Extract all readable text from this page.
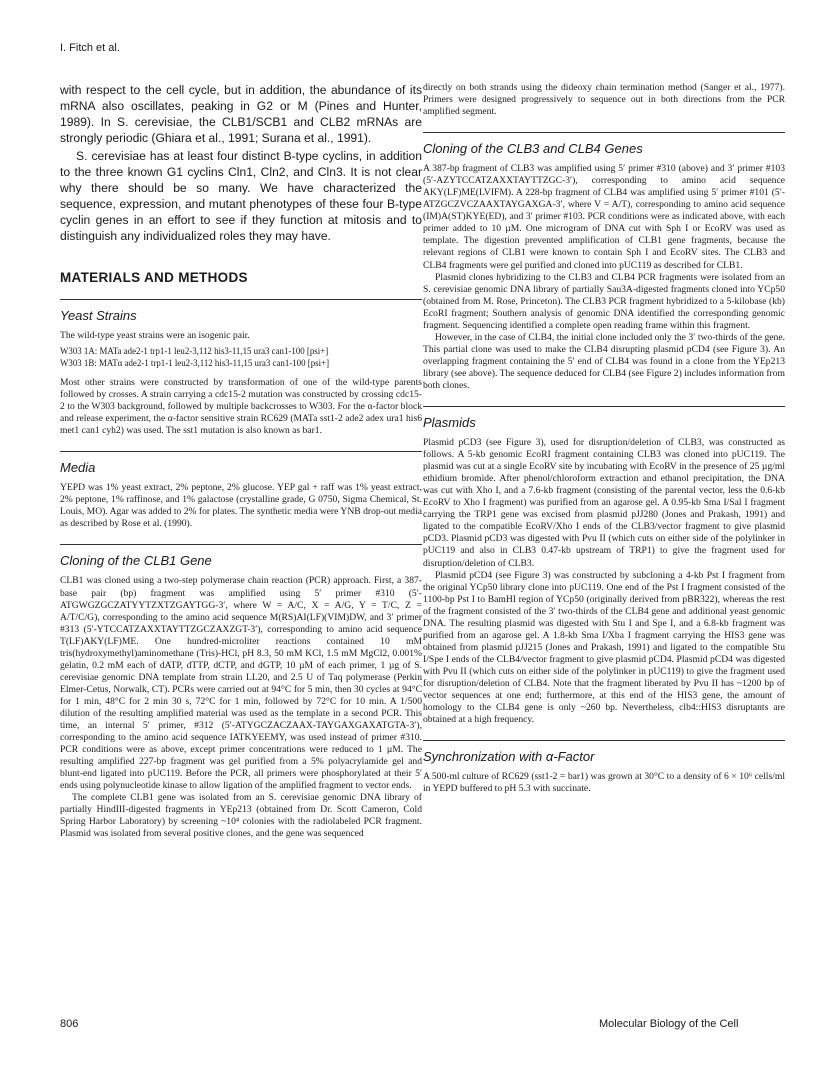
I. Fitch et al.

with respect to the cell cycle, but in addition, the abundance of its mRNA also oscillates, peaking in G2 or M (Pines and Hunter, 1989). In S. cerevisiae, the CLB1/SCB1 and CLB2 mRNAs are strongly periodic (Ghiara et al., 1991; Surana et al., 1991).

S. cerevisiae has at least four distinct B-type cyclins, in addition to the three known G1 cyclins Cln1, Cln2, and Cln3. It is not clear why there should be so many. We have characterized the sequence, expression, and mutant phenotypes of these four B-type cyclin genes in an effort to see if they function at mitosis and to distinguish any individualized roles they may have.

MATERIALS AND METHODS
Yeast Strains

The wild-type yeast strains were an isogenic pair.

W303 1A: MATa ade2-1 trp1-1 leu2-3,112 his3-11,15 ura3 can1-100 [psi+]
W303 1B: MATα ade2-1 trp1-1 leu2-3,112 his3-11,15 ura3 can1-100 [psi+]

Most other strains were constructed by transformation of one of the wild-type parents followed by crosses. A strain carrying a cdc15-2 mutation was constructed by crossing cdc15-2 to the W303 background, followed by multiple backcrosses to W303. For the α-factor block and release experiment, the α-factor sensitive strain RC629 (MATa sst1-2 ade2 adex ura1 his6 met1 can1 cyh2) was used. The sst1 mutation is also known as bar1.

Media

YEPD was 1% yeast extract, 2% peptone, 2% glucose. YEP gal + raff was 1% yeast extract, 2% peptone, 1% raffinose, and 1% galactose (crystalline grade, G 0750, Sigma Chemical, St. Louis, MO). Agar was added to 2% for plates. The synthetic media were YNB drop-out media as described by Rose et al. (1990).

Cloning of the CLB1 Gene

CLB1 was cloned using a two-step polymerase chain reaction (PCR) approach. First, a 387-base pair (bp) fragment was amplified using 5′ primer #310 (5′-ATGWGZGCZATYYTZXTZGAYTGG-3′, where W = A/C, X = A/G, Y = T/C, Z = A/T/C/G), corresponding to the amino acid sequence M(RS)AI(LF)(VIM)DW, and 3′ primer #313 (5′-YTCCATZAXXTAYTTZGCZAXZGT-3′), corresponding to amino acid sequence T(LF)AKY(LF)ME. One hundred-microliter reactions contained 10 mM tris(hydroxymethyl)aminomethane (Tris)-HCl, pH 8.3, 50 mM KCl, 1.5 mM MgCl2, 0.001% gelatin, 0.2 mM each of dATP, dTTP, dCTP, and dGTP, 10 µM of each primer, 1 µg of S. cerevisiae genomic DNA template from strain LL20, and 2.5 U of Taq polymerase (Perkin Elmer-Cetus, Norwalk, CT). PCRs were carried out at 94°C for 5 min, then 30 cycles at 94°C for 1 min, 48°C for 2 min 30 s, 72°C for 1 min, followed by 72°C for 10 min. A 1/500 dilution of the resulting amplified material was used as the template in a second PCR. This time, an internal 5′ primer, #312 (5′-ATYGCZACZAAX-TAYGAXGAXATGTA-3′), corresponding to the amino acid sequence IATKYEEMY, was used instead of primer #310. PCR conditions were as above, except primer concentrations were reduced to 1 µM. The resulting amplified 227-bp fragment was gel purified from a 5% polyacrylamide gel and blunt-end ligated into pUC119. Before the PCR, all primers were phosphorylated at their 5′ ends using polynucleotide kinase to allow ligation of the amplified fragment to vector ends.

The complete CLB1 gene was isolated from an S. cerevisiae genomic DNA library of partially HindIII-digested fragments in YEp213 (obtained from Dr. Scott Cameron, Cold Spring Harbor Laboratory) by screening ~10⁴ colonies with the radiolabeled PCR fragment. Plasmid was isolated from several positive clones, and the gene was sequenced

directly on both strands using the dideoxy chain termination method (Sanger et al., 1977). Primers were designed progressively to sequence out in both directions from the PCR amplified segment.

Cloning of the CLB3 and CLB4 Genes

A 387-bp fragment of CLB3 was amplified using 5′ primer #310 (above) and 3′ primer #103 (5′-AZYTCCATZAXXTAYTTZGC-3′), corresponding to amino acid sequence AKY(LF)ME(LVIFM). A 228-bp fragment of CLB4 was amplified using 5′ primer #101 (5′-ATZGCZVCZAAXTAYGAXGA-3′, where V = A/T), corresponding to amino acid sequence (IM)A(ST)KYE(ED), and 3′ primer #103. PCR conditions were as indicated above, with each primer added to 10 µM. One microgram of DNA cut with Sph I or EcoRV was used as template. The digestion prevented amplification of CLB1 gene fragments, because the relevant regions of CLB1 were known to contain Sph I and EcoRV sites. The CLB3 and CLB4 fragments were gel purified and cloned into pUC119 as described for CLB1.

Plasmid clones hybridizing to the CLB3 and CLB4 PCR fragments were isolated from an S. cerevisiae genomic DNA library of partially Sau3A-digested fragments cloned into YCp50 (obtained from M. Rose, Princeton). The CLB3 PCR fragment hybridized to a 5-kilobase (kb) EcoRI fragment; Southern analysis of genomic DNA identified the corresponding genomic fragment. Sequencing identified a complete open reading frame within this fragment.

However, in the case of CLB4, the initial clone included only the 3′ two-thirds of the gene. This partial clone was used to make the CLB4 disrupting plasmid pCD4 (see Figure 3). An overlapping fragment containing the 5′ end of CLB4 was found in a clone from the YEp213 library (see above). The sequence deduced for CLB4 (see Figure 2) includes information from both clones.

Plasmids

Plasmid pCD3 (see Figure 3), used for disruption/deletion of CLB3, was constructed as follows. A 5-kb genomic EcoRI fragment containing CLB3 was cloned into pUC119. The plasmid was cut at a single EcoRV site by incubating with EcoRV in the presence of 25 µg/ml ethidium bromide. After phenol/chloroform extraction and ethanol precipitation, the DNA was cut with Xho I, and a 7.6-kb fragment (consisting of the parental vector, less the 0.6-kb EcoRV to Xho I fragment) was purified from an agarose gel. A 0.95-kb Sma I/Sal I fragment carrying the TRP1 gene was excised from plasmid pJJ280 (Jones and Prakash, 1991) and ligated to the compatible EcoRV/Xho I ends of the CLB3/vector fragment to give plasmid pCD3. Plasmid pCD3 was digested with Pvu II (which cuts on either side of the polylinker in pUC119 and also in CLB3 0.47-kb upstream of TRP1) to give the fragment used for disruption/deletion of CLB3.

Plasmid pCD4 (see Figure 3) was constructed by subcloning a 4-kb Pst I fragment from the original YCp50 library clone into pUC119. One end of the Pst I fragment consisted of the 1100-bp Pst I to BamHI region of YCp50 (originally derived from pBR322), whereas the rest of the fragment consisted of the 3′ two-thirds of the CLB4 gene and additional yeast genomic DNA. The resulting plasmid was digested with Stu I and Spe I, and a 6.8-kb fragment was purified from an agarose gel. A 1.8-kb Sma I/Xba I fragment carrying the HIS3 gene was obtained from plasmid pJJ215 (Jones and Prakash, 1991) and ligated to the compatible Stu I/Spe I ends of the CLB4/vector fragment to give plasmid pCD4. Plasmid pCD4 was digested with Pvu II (which cuts on either side of the polylinker in pUC119) to give the fragment used for disruption/deletion of CLB4. Note that the fragment liberated by Pvu II has ~1200 bp of vector sequences at one end; furthermore, at this end of the HIS3 gene, the amount of homology to the CLB4 gene is only ~260 bp. Nevertheless, clb4::HIS3 disruptants are obtained at a high frequency.

Synchronization with α-Factor

A 500-ml culture of RC629 (sst1-2 = bar1) was grown at 30°C to a density of 6 × 10⁶ cells/ml in YEPD buffered to pH 5.3 with succinate.

806	Molecular Biology of the Cell
